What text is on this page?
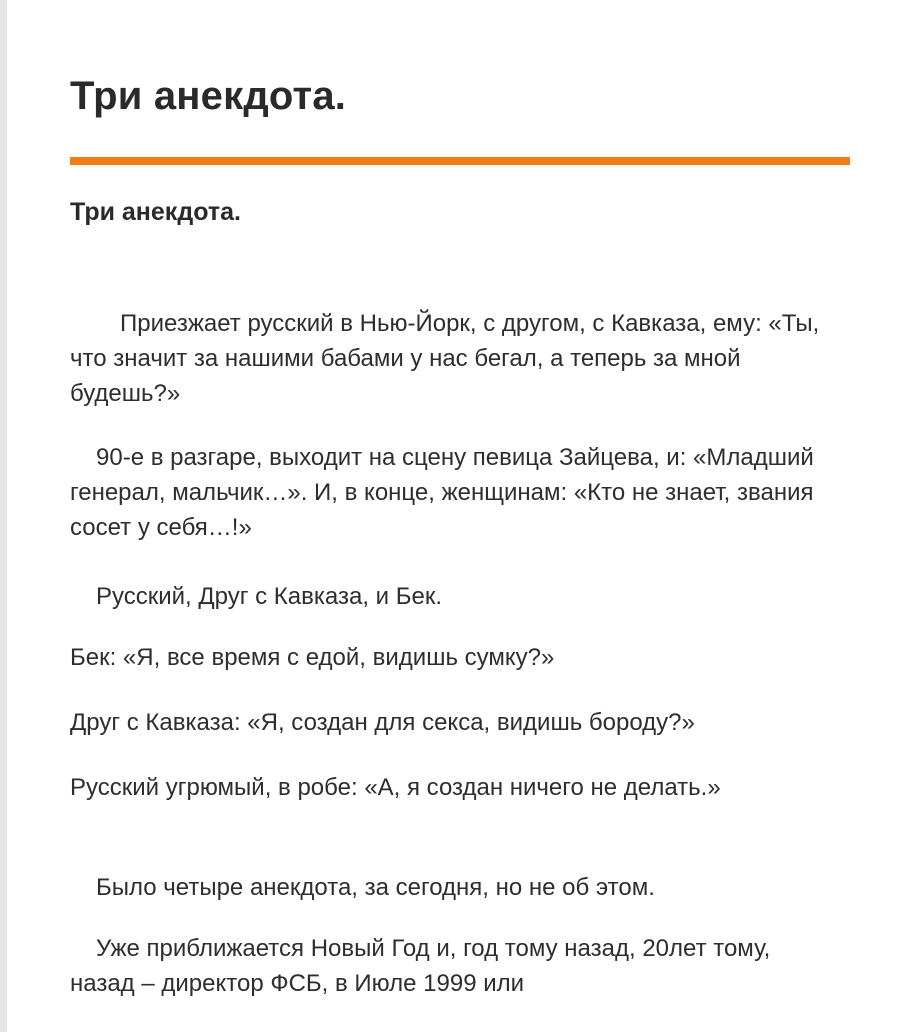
Три анекдота.
Три анекдота.

Приезжает русский в Нью-Йорк, с другом, с Кавказа, ему: «Ты, что значит за нашими бабами у нас бегал, а теперь за мной будешь?»

90-е в разгаре, выходит на сцену певица Зайцева, и: «Младший генерал, мальчик…». И, в конце, женщинам: «Кто не знает, звания сосет у себя…!»

Русский, Друг с Кавказа, и Бек.

Бек: «Я, все время с едой, видишь сумку?»

Друг с Кавказа: «Я, создан для секса, видишь бороду?»

Русский угрюмый, в робе: «А, я создан ничего не делать.»

Было четыре анекдота, за сегодня, но не об этом.

Уже приближается Новый Год и, год тому назад, 20лет тому, назад – директор ФСБ, в Июле 1999 или
